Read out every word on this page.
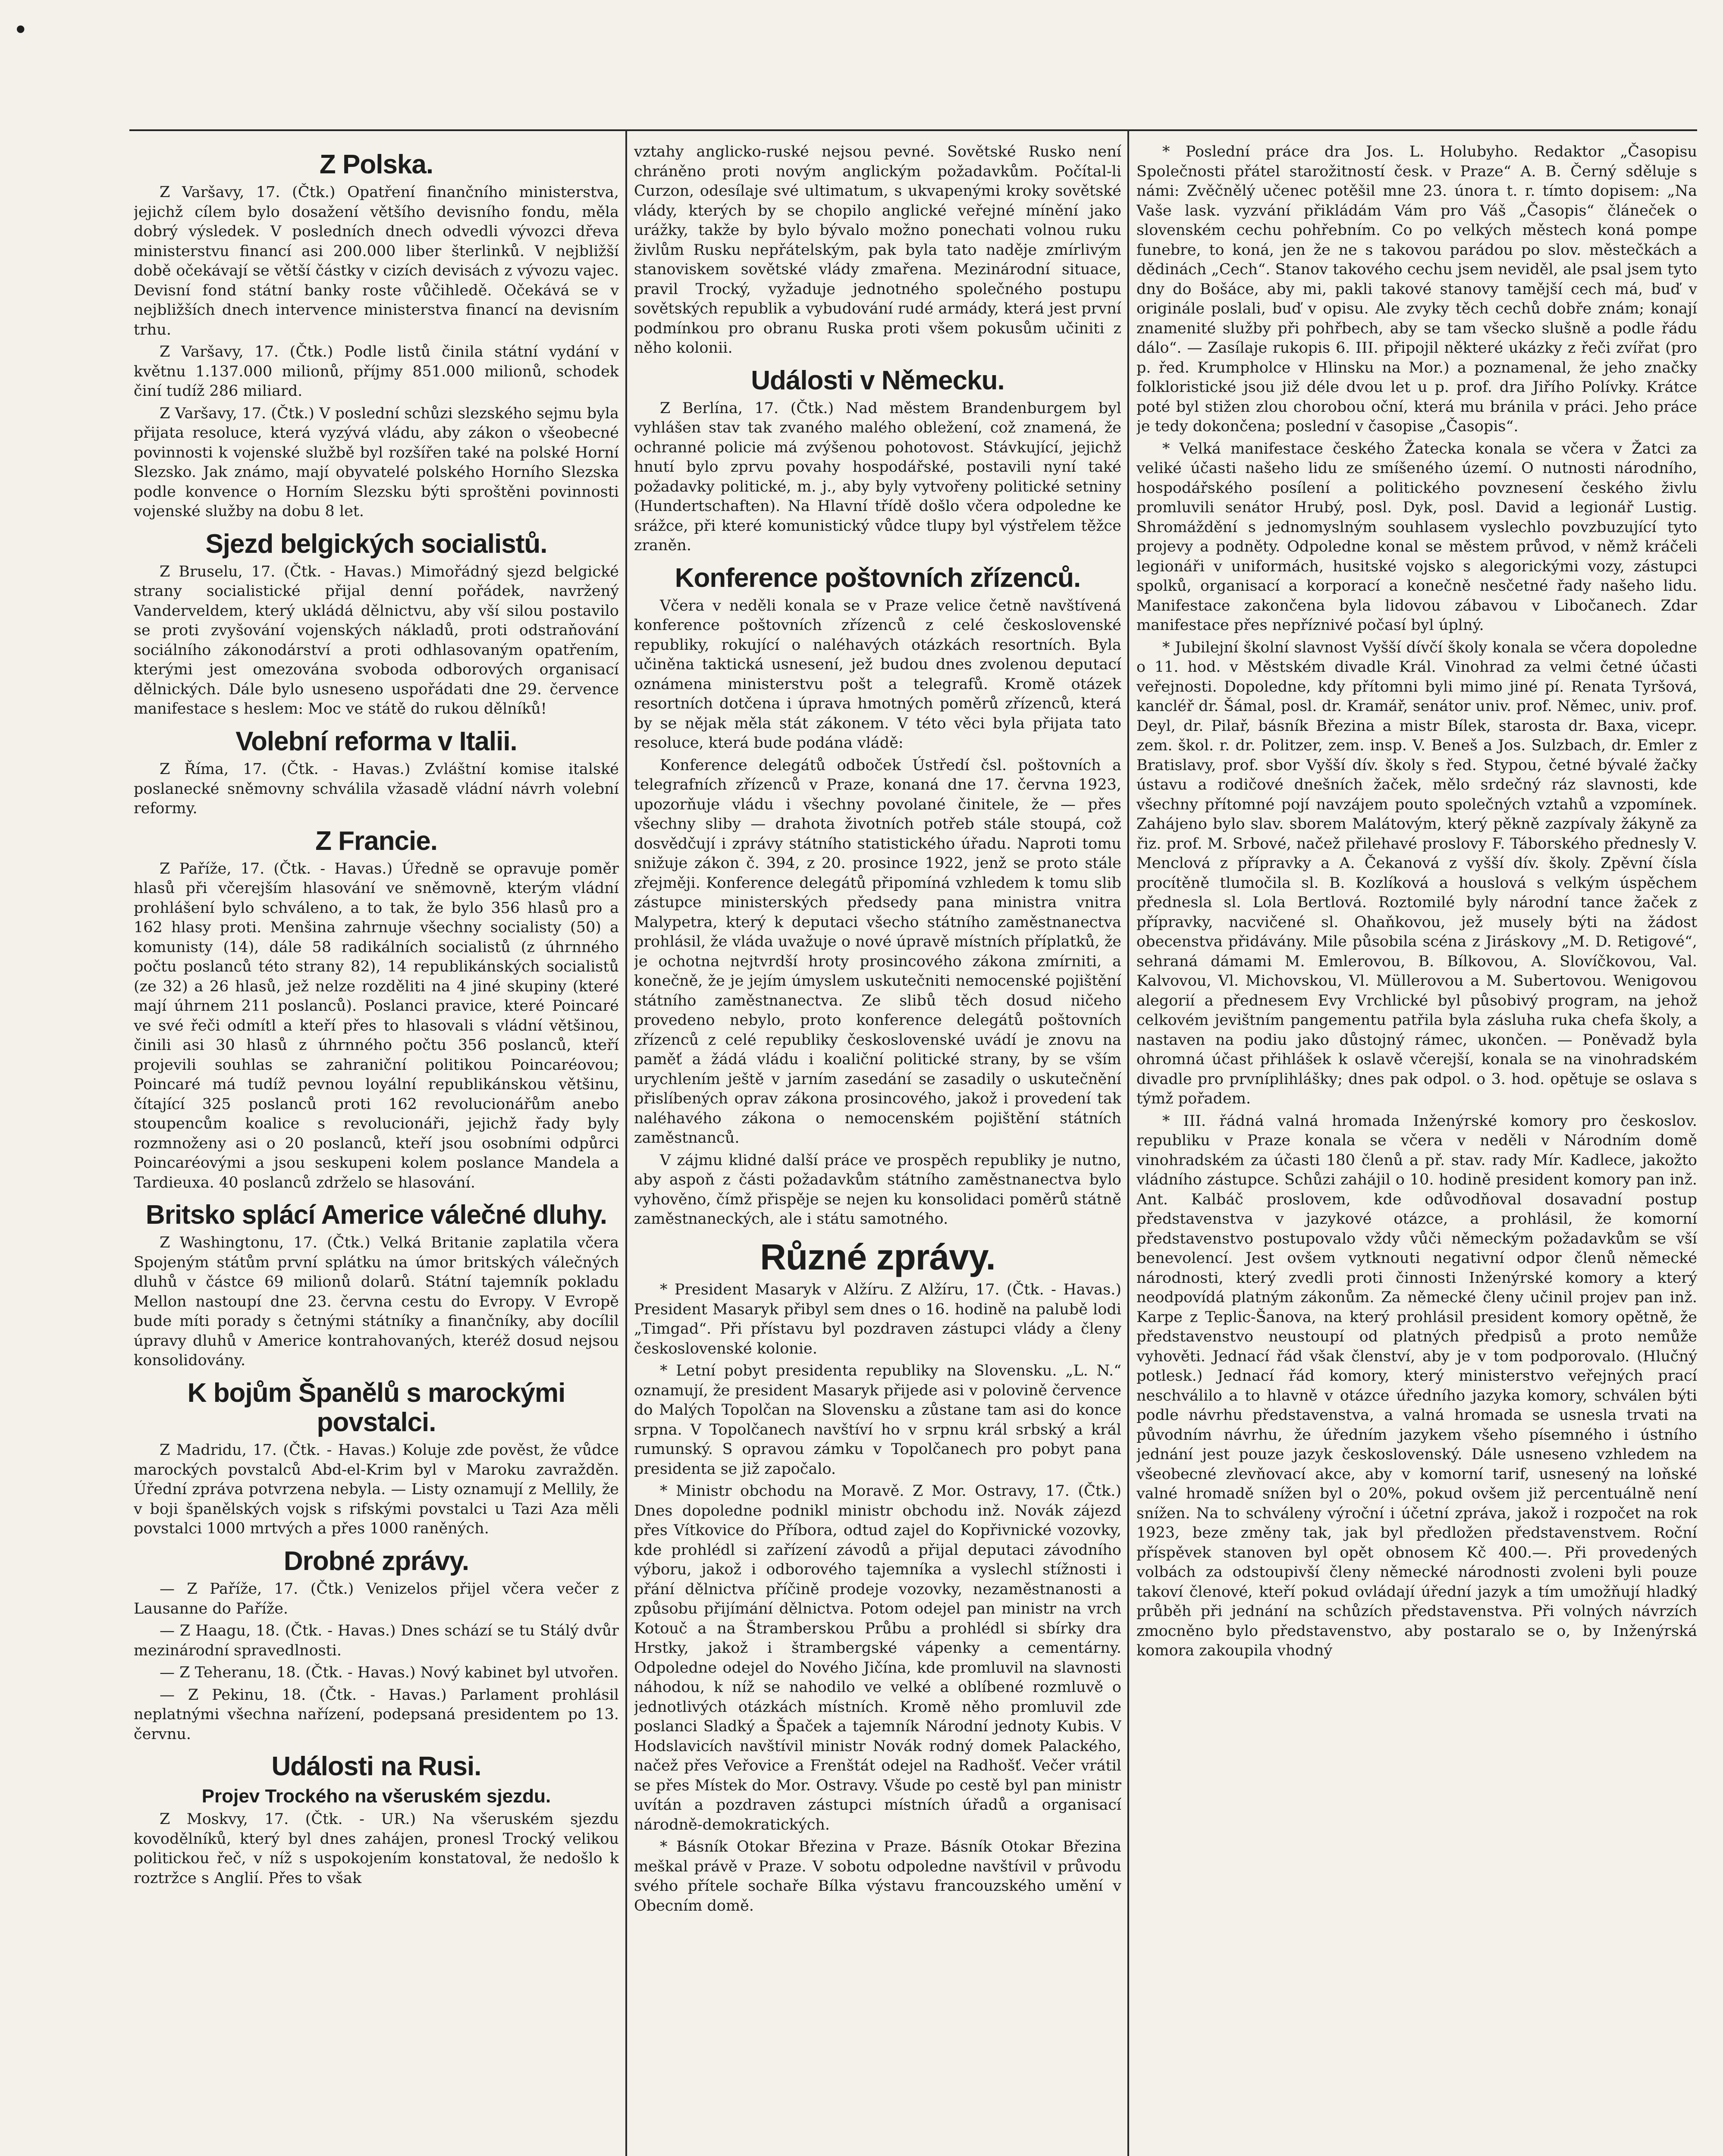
•
Z Polska.

Z Varšavy, 17. (Čtk.) Opatření finančního ministerstva, jejichž cílem bylo dosažení většího devisního fondu, měla dobrý výsledek. V posledních dnech odvedli vývozci dřeva ministerstvu financí asi 200.000 liber šterlinků. V nejbližší době očekávají se větší částky v cizích devisách z vývozu vajec. Devisní fond státní banky roste vůčihledě. Očekává se v nejbližších dnech intervence ministerstva financí na devisním trhu.

Z Varšavy, 17. (Čtk.) Podle listů činila státní vydání v květnu 1.137.000 milionů, příjmy 851.000 milionů, schodek činí tudíž 286 miliard.

Z Varšavy, 17. (Čtk.) V poslední schůzi slezského sejmu byla přijata resoluce, která vyzývá vládu, aby zákon o všeobecné povinnosti k vojenské službě byl rozšířen také na polské Horní Slezsko. Jak známo, mají obyvatelé polského Horního Slezska podle konvence o Horním Slezsku býti sproštěni povinnosti vojenské služby na dobu 8 let.

Sjezd belgických socialistů.

Z Bruselu, 17. (Čtk. - Havas.) Mimořádný sjezd belgické strany socialistické přijal denní pořádek, navržený Vanderveldem, který ukládá dělnictvu, aby vší silou postavilo se proti zvyšování vojenských nákladů, proti odstraňování sociálního zákonodárství a proti odhlasovaným opatřením, kterými jest omezována svoboda odborových organisací dělnických. Dále bylo usneseno uspořádati dne 29. července manifestace s heslem: Moc ve státě do rukou dělníků!

Volební reforma v Italii.

Z Říma, 17. (Čtk. - Havas.) Zvláštní komise italské poslanecké sněmovny schválila vžasadě vládní návrh volební reformy.

Z Francie.

Z Paříže, 17. (Čtk. - Havas.) Úředně se opravuje poměr hlasů při včerejším hlasování ve sněmovně, kterým vládní prohlášení bylo schváleno, a to tak, že bylo 356 hlasů pro a 162 hlasy proti. Menšina zahrnuje všechny socialisty (50) a komunisty (14), dále 58 radikálních socialistů (z úhrnného počtu poslanců této strany 82), 14 republikánských socialistů (ze 32) a 26 hlasů, jež nelze rozděliti na 4 jiné skupiny (které mají úhrnem 211 poslanců). Poslanci pravice, které Poincaré ve své řeči odmítl a kteří přes to hlasovali s vládní většinou, činili asi 30 hlasů z úhrnného počtu 356 poslanců, kteří projevili souhlas se zahraniční politikou Poincaréovou; Poincaré má tudíž pevnou loyální republikánskou většinu, čítající 325 poslanců proti 162 revolucionářům anebo stoupencům koalice s revolucionáři, jejichž řady byly rozmnoženy asi o 20 poslanců, kteří jsou osobními odpůrci Poincaréovými a jsou seskupeni kolem poslance Mandela a Tardieuxa. 40 poslanců zdrželo se hlasování.

Britsko splácí Americe válečné dluhy.

Z Washingtonu, 17. (Čtk.) Velká Britanie zaplatila včera Spojeným státům první splátku na úmor britských válečných dluhů v částce 69 milionů dolarů. Státní tajemník pokladu Mellon nastoupí dne 23. června cestu do Evropy. V Evropě bude míti porady s četnými státníky a finančníky, aby docílil úpravy dluhů v Americe kontrahovaných, kteréž dosud nejsou konsolidovány.

K bojům Španělů s marockými povstalci.

Z Madridu, 17. (Čtk. - Havas.) Koluje zde pověst, že vůdce marockých povstalců Abd-el-Krim byl v Maroku zavražděn. Úřední zpráva potvrzena nebyla. — Listy oznamují z Mellily, že v boji španělských vojsk s rifskými povstalci u Tazi Aza měli povstalci 1000 mrtvých a přes 1000 raněných.

Drobné zprávy.

— Z Paříže, 17. (Čtk.) Venizelos přijel včera večer z Lausanne do Paříže.

— Z Haagu, 18. (Čtk. - Havas.) Dnes schází se tu Stálý dvůr mezinárodní spravedlnosti.

— Z Teheranu, 18. (Čtk. - Havas.) Nový kabinet byl utvořen.

— Z Pekinu, 18. (Čtk. - Havas.) Parlament prohlásil neplatnými všechna nařízení, podepsaná presidentem po 13. červnu.

Události na Rusi.
Projev Trockého na všeruském sjezdu.

Z Moskvy, 17. (Čtk. - UR.) Na všeruském sjezdu kovodělníků, který byl dnes zahájen, pronesl Trocký velikou politickou řeč, v níž s uspokojením konstatoval, že nedošlo k roztržce s Anglií. Přes to však

vztahy anglicko-ruské nejsou pevné. Sovětské Rusko není chráněno proti novým anglickým požadavkům. Počítal-li Curzon, odesílaje své ultimatum, s ukvapenými kroky sovětské vlády, kterých by se chopilo anglické veřejné mínění jako urážky, takže by bylo bývalo možno ponechati volnou ruku živlům Rusku nepřátelským, pak byla tato naděje zmírlivým stanoviskem sovětské vlády zmařena. Mezinárodní situace, pravil Trocký, vyžaduje jednotného společného postupu sovětských republik a vybudování rudé armády, která jest první podmínkou pro obranu Ruska proti všem pokusům učiniti z něho kolonii.

Události v Německu.

Z Berlína, 17. (Čtk.) Nad městem Brandenburgem byl vyhlášen stav tak zvaného malého obležení, což znamená, že ochranné policie má zvýšenou pohotovost. Stávkující, jejichž hnutí bylo zprvu povahy hospodářské, postavili nyní také požadavky politické, m. j., aby byly vytvořeny politické setniny (Hundertschaften). Na Hlavní třídě došlo včera odpoledne ke srážce, při které komunistický vůdce tlupy byl výstřelem těžce zraněn.

Konference poštovních zřízenců.

Včera v neděli konala se v Praze velice četně navštívená konference poštovních zřízenců z celé československé republiky, rokující o naléhavých otázkách resortních. Byla učiněna taktická usnesení, jež budou dnes zvolenou deputací oznámena ministerstvu pošt a telegrafů. Kromě otázek resortních dotčena i úprava hmotných poměrů zřízenců, která by se nějak měla stát zákonem. V této věci byla přijata tato resoluce, která bude podána vládě:

Konference delegátů odboček Ústředí čsl. poštovních a telegrafních zřízenců v Praze, konaná dne 17. června 1923, upozorňuje vládu i všechny povolané činitele, že — přes všechny sliby — drahota životních potřeb stále stoupá, což dosvědčují i zprávy státního statistického úřadu. Naproti tomu snižuje zákon č. 394, z 20. prosince 1922, jenž se proto stále zřejměji. Konference delegátů připomíná vzhledem k tomu slib zástupce ministerských předsedy pana ministra vnitra Malypetra, který k deputaci všecho státního zaměstnanectva prohlásil, že vláda uvažuje o nové úpravě místních příplatků, že je ochotna nejtvrdší hroty prosincového zákona zmírniti, a konečně, že je jejím úmyslem uskutečniti nemocenské pojištění státního zaměstnanectva. Ze slibů těch dosud ničeho provedeno nebylo, proto konference delegátů poštovních zřízenců z celé republiky československé uvádí je znovu na paměť a žádá vládu i koaliční politické strany, by se vším urychlením ještě v jarním zasedání se zasadily o uskutečnění přislíbených oprav zákona prosincového, jakož i provedení tak naléhavého zákona o nemocenském pojištění státních zaměstnanců.

V zájmu klidné další práce ve prospěch republiky je nutno, aby aspoň z části požadavkům státního zaměstnanectva bylo vyhověno, čímž přispěje se nejen ku konsolidaci poměrů státně zaměstnaneckých, ale i státu samotného.

Různé zprávy.

* President Masaryk v Alžíru. Z Alžíru, 17. (Čtk. - Havas.) President Masaryk přibyl sem dnes o 16. hodině na palubě lodi „Timgad“. Při přístavu byl pozdraven zástupci vlády a členy československé kolonie.

* Letní pobyt presidenta republiky na Slovensku. „L. N.“ oznamují, že president Masaryk přijede asi v polovině července do Malých Topolčan na Slovensku a zůstane tam asi do konce srpna. V Topolčanech navštíví ho v srpnu král srbský a král rumunský. S opravou zámku v Topolčanech pro pobyt pana presidenta se již započalo.

* Ministr obchodu na Moravě. Z Mor. Ostravy, 17. (Čtk.) Dnes dopoledne podnikl ministr obchodu inž. Novák zájezd přes Vítkovice do Příbora, odtud zajel do Kopřivnické vozovky, kde prohlédl si zařízení závodů a přijal deputaci závodního výboru, jakož i odborového tajemníka a vyslechl stížnosti i přání dělnictva příčině prodeje vozovky, nezaměstnanosti a způsobu přijímání dělnictva. Potom odejel pan ministr na vrch Kotouč a na Štramberskou Průbu a prohlédl si sbírky dra Hrstky, jakož i štrambergské vápenky a cementárny. Odpoledne odejel do Nového Jičína, kde promluvil na slavnosti náhodou, k níž se nahodilo ve velké a oblíbené rozmluvě o jednotlivých otázkách místních. Kromě něho promluvil zde poslanci Sladký a Špaček a tajemník Národní jednoty Kubis. V Hodslavicích navštívil ministr Novák rodný domek Palackého, načež přes Veřovice a Frenštát odejel na Radhošť. Večer vrátil se přes Místek do Mor. Ostravy. Všude po cestě byl pan ministr uvítán a pozdraven zástupci místních úřadů a organisací národně-demokratických.

* Básník Otokar Březina v Praze. Básník Otokar Březina meškal právě v Praze. V sobotu odpoledne navštívil v průvodu svého přítele sochaře Bílka výstavu francouzského umění v Obecním domě.

* Poslední práce dra Jos. L. Holubyho. Redaktor „Časopisu Společnosti přátel starožitností česk. v Praze“ A. B. Černý sděluje s námi: Zvěčnělý učenec potěšil mne 23. února t. r. tímto dopisem: „Na Vaše lask. vyzvání přikládám Vám pro Váš „Časopis“ článeček o slovenském cechu pohřebním. Co po velkých městech koná pompe funebre, to koná, jen že ne s takovou parádou po slov. městečkách a dědinách „Cech“. Stanov takového cechu jsem neviděl, ale psal jsem tyto dny do Bošáce, aby mi, pakli takové stanovy tamější cech má, buď v originále poslali, buď v opisu. Ale zvyky těch cechů dobře znám; konají znamenité služby při pohřbech, aby se tam všecko slušně a podle řádu dálo“. — Zasílaje rukopis 6. III. připojil některé ukázky z řeči zvířat (pro p. řed. Krumpholce v Hlinsku na Mor.) a poznamenal, že jeho značky folkloristické jsou již déle dvou let u p. prof. dra Jiřího Polívky. Krátce poté byl stižen zlou chorobou oční, která mu bránila v práci. Jeho práce je tedy dokončena; poslední v časopise „Časopis“.

* Velká manifestace českého Žatecka konala se včera v Žatci za veliké účasti našeho lidu ze smíšeného území. O nutnosti národního, hospodářského posílení a politického povznesení českého živlu promluvili senátor Hrubý, posl. Dyk, posl. David a legionář Lustig. Shromáždění s jednomyslným souhlasem vyslechlo povzbuzující tyto projevy a podněty. Odpoledne konal se městem průvod, v němž kráčeli legionáři v uniformách, husitské vojsko s alegorickými vozy, zástupci spolků, organisací a korporací a konečně nesčetné řady našeho lidu. Manifestace zakončena byla lidovou zábavou v Libočanech. Zdar manifestace přes nepříznivé počasí byl úplný.

* Jubilejní školní slavnost Vyšší dívčí školy konala se včera dopoledne o 11. hod. v Městském divadle Král. Vinohrad za velmi četné účasti veřejnosti. Dopoledne, kdy přítomni byli mimo jiné pí. Renata Tyršová, kancléř dr. Šámal, posl. dr. Kramář, senátor univ. prof. Němec, univ. prof. Deyl, dr. Pilař, básník Březina a mistr Bílek, starosta dr. Baxa, vicepr. zem. škol. r. dr. Politzer, zem. insp. V. Beneš a Jos. Sulzbach, dr. Emler z Bratislavy, prof. sbor Vyšší dív. školy s řed. Stypou, četné bývalé žačky ústavu a rodičové dnešních žaček, mělo srdečný ráz slavnosti, kde všechny přítomné pojí navzájem pouto společných vztahů a vzpomínek. Zahájeno bylo slav. sborem Malátovým, který pěkně zazpívaly žákyně za řiz. prof. M. Srbové, načež přilehavé proslovy F. Táborského přednesly V. Menclová z přípravky a A. Čekanová z vyšší dív. školy. Zpěvní čísla procítěně tlumočila sl. B. Kozlíková a houslová s velkým úspěchem přednesla sl. Lola Bertlová. Roztomilé byly národní tance žaček z přípravky, nacvičené sl. Ohaňkovou, jež musely býti na žádost obecenstva přidávány. Mile působila scéna z Jiráskovy „M. D. Retigové“, sehraná dámami M. Emlerovou, B. Bílkovou, A. Slovíčkovou, Val. Kalvovou, Vl. Michovskou, Vl. Müllerovou a M. Subertovou. Wenigovou alegorií a přednesem Evy Vrchlické byl působivý program, na jehož celkovém jevištním pangementu patřila byla zásluha ruka chefa školy, a nastaven na podiu jako důstojný rámec, ukončen. — Poněvadž byla ohromná účast přihlášek k oslavě včerejší, konala se na vinohradském divadle pro prvníplihlášky; dnes pak odpol. o 3. hod. opětuje se oslava s týmž pořadem.

* III. řádná valná hromada Inženýrské komory pro českoslov. republiku v Praze konala se včera v neděli v Národním domě vinohradském za účasti 180 členů a př. stav. rady Mír. Kadlece, jakožto vládního zástupce. Schůzi zahájil o 10. hodině president komory pan inž. Ant. Kalbáč proslovem, kde odůvodňoval dosavadní postup představenstva v jazykové otázce, a prohlásil, že komorní představenstvo postupovalo vždy vůči německým požadavkům se vší benevolencí. Jest ovšem vytknouti negativní odpor členů německé národnosti, který zvedli proti činnosti Inženýrské komory a který neodpovídá platným zákonům. Za německé členy učinil projev pan inž. Karpe z Teplic-Šanova, na který prohlásil president komory opětně, že představenstvo neustoupí od platných předpisů a proto nemůže vyhověti. Jednací řád však členství, aby je v tom podporovalo. (Hlučný potlesk.) Jednací řád komory, který ministerstvo veřejných prací neschválilo a to hlavně v otázce úředního jazyka komory, schválen býti podle návrhu představenstva, a valná hromada se usnesla trvati na původním návrhu, že úředním jazykem všeho písemného i ústního jednání jest pouze jazyk československý. Dále usneseno vzhledem na všeobecné zlevňovací akce, aby v komorní tarif, usnesený na loňské valné hromadě snížen byl o 20%, pokud ovšem již percentuálně není snížen. Na to schváleny výroční i účetní zpráva, jakož i rozpočet na rok 1923, beze změny tak, jak byl předložen představenstvem. Roční příspěvek stanoven byl opět obnosem Kč 400.—. Při provedených volbách za odstoupivší členy německé národnosti zvoleni byli pouze takoví členové, kteří pokud ovládají úřední jazyk a tím umožňují hladký průběh při jednání na schůzích představenstva. Při volných návrzích zmocněno bylo představenstvo, aby postaralo se o, by Inženýrská komora zakoupila vhodný
